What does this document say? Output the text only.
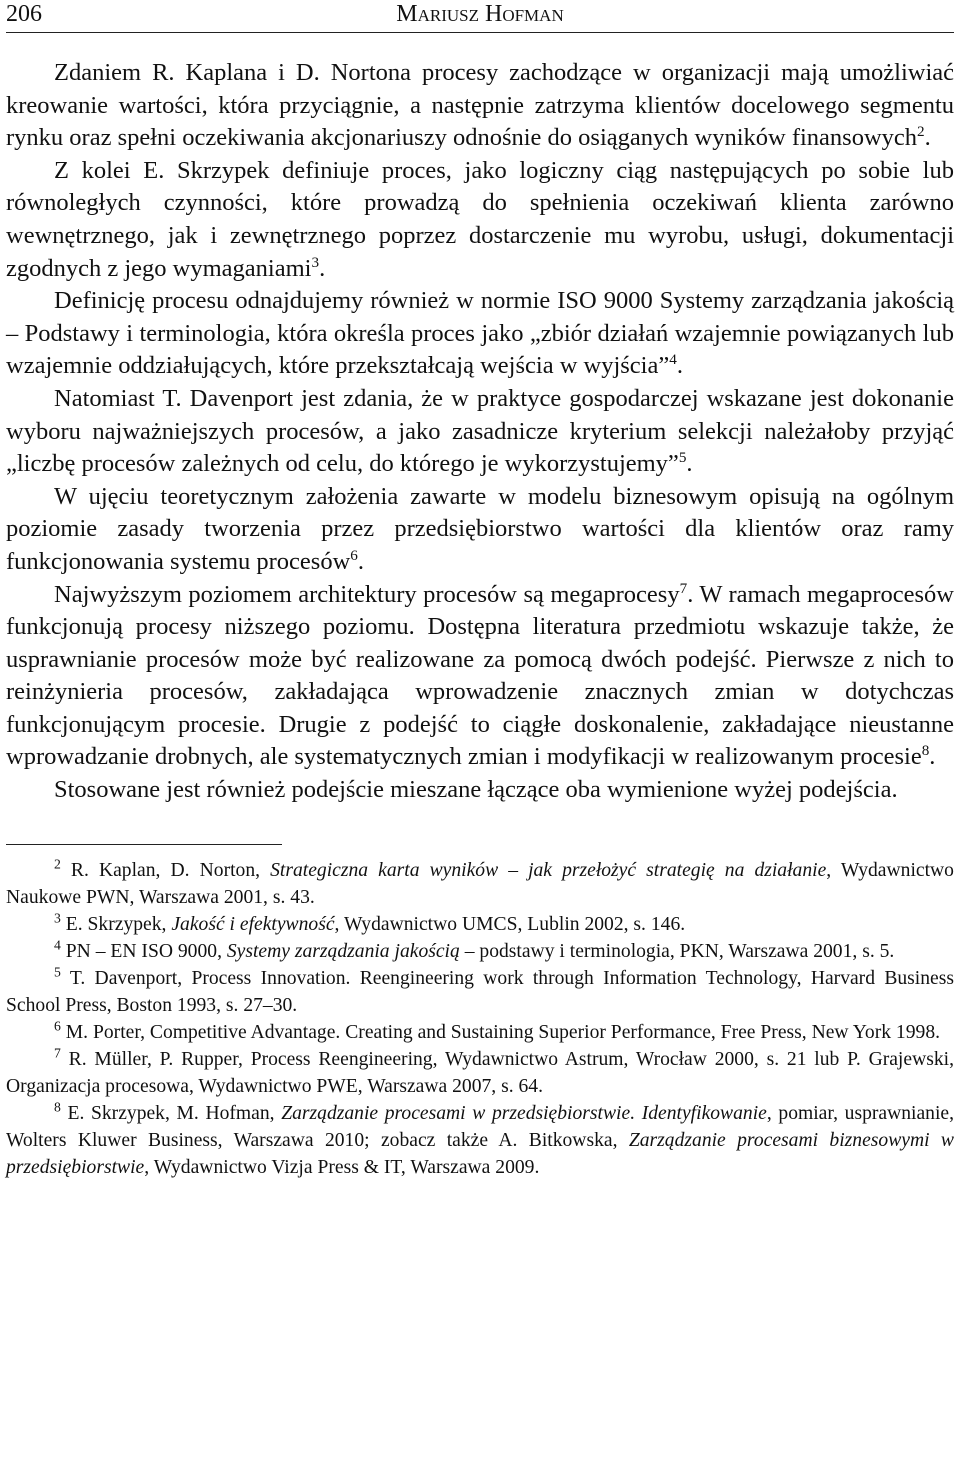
206	Mariusz Hofman

Zdaniem R. Kaplana i D. Nortona procesy zachodzące w organizacji mają umożliwiać kreowanie wartości, która przyciągnie, a następnie zatrzyma klientów docelowego segmentu rynku oraz spełni oczekiwania akcjonariuszy odnośnie do osiąganych wyników finansowych$^2$.

Z kolei E. Skrzypek definiuje proces, jako logiczny ciąg następujących po sobie lub równoległych czynności, które prowadzą do spełnienia oczekiwań klienta zarówno wewnętrznego, jak i zewnętrznego poprzez dostarczenie mu wyrobu, usługi, dokumentacji zgodnych z jego wymaganiami$^3$.

Definicję procesu odnajdujemy również w normie ISO 9000 Systemy zarządzania jakością – Podstawy i terminologia, która określa proces jako „zbiór działań wzajemnie powiązanych lub wzajemnie oddziałujących, które przekształcają wejścia w wyjścia”$^4$.

Natomiast T. Davenport jest zdania, że w praktyce gospodarczej wskazane jest dokonanie wyboru najważniejszych procesów, a jako zasadnicze kryterium selekcji należałoby przyjąć „liczbę procesów zależnych od celu, do którego je wykorzystujemy”$^5$.

W ujęciu teoretycznym założenia zawarte w modelu biznesowym opisują na ogólnym poziomie zasady tworzenia przez przedsiębiorstwo wartości dla klientów oraz ramy funkcjonowania systemu procesów$^6$.

Najwyższym poziomem architektury procesów są megaprocesy$^7$. W ramach megaprocesów funkcjonują procesy niższego poziomu. Dostępna literatura przedmiotu wskazuje także, że usprawnianie procesów może być realizowane za pomocą dwóch podejść. Pierwsze z nich to reinżynieria procesów, zakładająca wprowadzenie znacznych zmian w dotychczas funkcjonującym procesie. Drugie z podejść to ciągłe doskonalenie, zakładające nieustanne wprowadzanie drobnych, ale systematycznych zmian i modyfikacji w realizowanym procesie$^8$.

Stosowane jest również podejście mieszane łączące oba wymienione wyżej podejścia.

$^2$ R. Kaplan, D. Norton, Strategiczna karta wyników – jak przełożyć strategię na działanie, Wydawnictwo Naukowe PWN, Warszawa 2001, s. 43.

$^3$ E. Skrzypek, Jakość i efektywność, Wydawnictwo UMCS, Lublin 2002, s. 146.

$^4$ PN – EN ISO 9000, Systemy zarządzania jakością – podstawy i terminologia, PKN, Warszawa 2001, s. 5.

$^5$ T. Davenport, Process Innovation. Reengineering work through Information Technology, Harvard Business School Press, Boston 1993, s. 27–30.

$^6$ M. Porter, Competitive Advantage. Creating and Sustaining Superior Performance, Free Press, New York 1998.

$^7$ R. Müller, P. Rupper, Process Reengineering, Wydawnictwo Astrum, Wrocław 2000, s. 21 lub P. Grajewski, Organizacja procesowa, Wydawnictwo PWE, Warszawa 2007, s. 64.

$^8$ E. Skrzypek, M. Hofman, Zarządzanie procesami w przedsiębiorstwie. Identyfikowanie, pomiar, usprawnianie, Wolters Kluwer Business, Warszawa 2010; zobacz także A. Bitkowska, Zarządzanie procesami biznesowymi w przedsiębiorstwie, Wydawnictwo Vizja Press & IT, Warszawa 2009.
